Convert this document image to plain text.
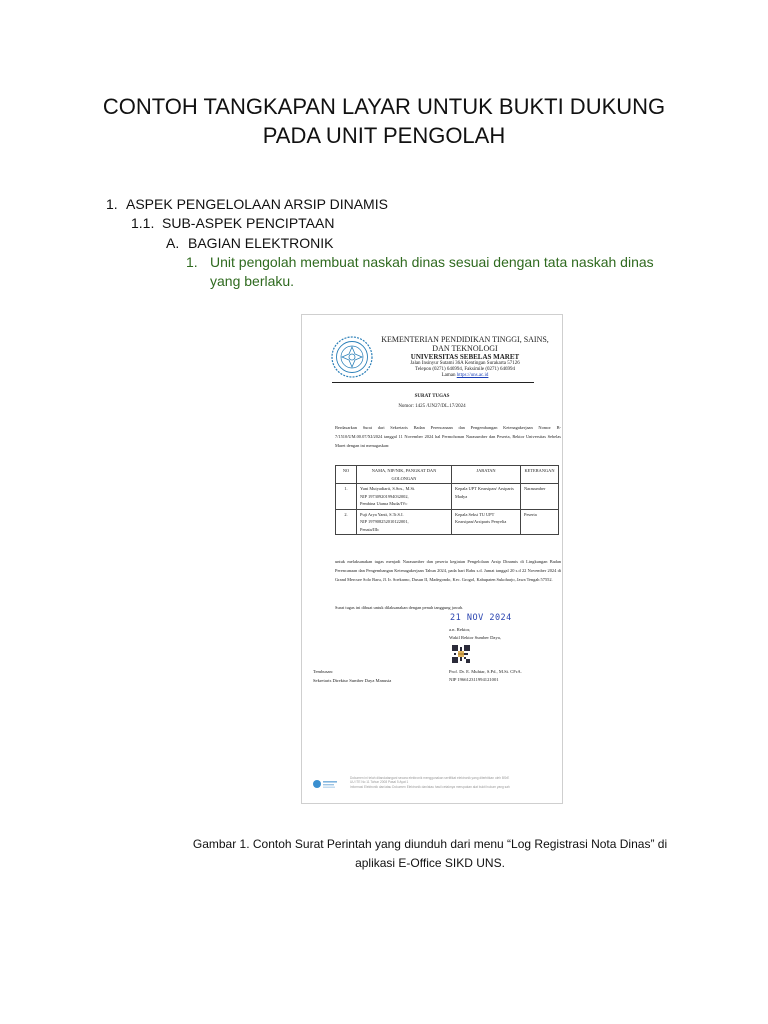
CONTOH TANGKAPAN LAYAR UNTUK BUKTI DUKUNG
PADA UNIT PENGOLAH
1. ASPEK PENGELOLAAN ARSIP DINAMIS
1.1. SUB-ASPEK PENCIPTAAN
A. BAGIAN ELEKTRONIK
1. Unit pengolah membuat naskah dinas sesuai dengan tata naskah dinas yang berlaku.
KEMENTERIAN PENDIDIKAN TINGGI, SAINS,
DAN TEKNOLOGI
UNIVERSITAS SEBELAS MARET
Jalan Insinyur Sutami 36A Kentingan Surakarta 57126
Telepon (0271) 646994, Faksimile (0271) 646994
Laman https://uns.ac.id
SURAT TUGAS
Nomor: 1425 /UN27/DL.17/2024
Berdasarkan Surat dari Sekretaris Badan Perencanaan dan Pengembangan Ketenagakerjaan Nomor B-7/1510/UM.00.07/XI/2024 tanggal 11 November 2024 hal Permohonan Narasumber dan Peserta, Rektor Universitas Sebelas Maret dengan ini menugaskan:
NO	NAMA, NIP/NIK, PANGKAT DAN GOLONGAN	JABATAN	KETERANGAN
1.	Yuni Mutyadiarti, S.Sos., M.Si.
NIP 197309201994032002,
Pembina Utama Muda/IVc	Kepala UPT Kearsipan/ Arsiparis Madya	Narasumber
2.	Puji Arya Yanti, S.Tr.S.I.
NIP 197908252010122001,
Penata/IIIc	Kepala Seksi TU UPT Kearsipan/Arsiparis Penyelia	Peserta
untuk melaksanakan tugas menjadi Narasumber dan peserta kegiatan Pengelolaan Arsip Dinamis di Lingkungan Badan Perencanaan dan Pengembangan Ketenagakerjaan Tahun 2024, pada hari Rabu s.d. Jumat tanggal 20 s.d 22 November 2024 di Grand Mercure Solo Baru, Jl. Ir. Soekarno, Dusun II, Madegondo, Kec. Grogol, Kabupaten Sukoharjo, Jawa Tengah 57552.
Surat tugas ini dibuat untuk dilaksanakan dengan penuh tanggung jawab.
21 NOV 2024
a.n. Rektor,
Wakil Rektor Sumber Daya,
Prof. Dr. E. Muhtar, S.Pd., M.Si. CFrA.
NIP 196612311994121001
Tembusan:
Sekretaris Direktur Sumber Daya Manusia
Dokumen ini telah ditandatangani secara elektronik menggunakan sertifikat elektronik yang diterbitkan oleh BSrE
UU ITE No 11 Tahun 2008 Pasal 5 Ayat 1
Informasi Elektronik dan/atau Dokumen Elektronik dan/atau hasil cetaknya merupakan alat bukti hukum yang sah
Gambar 1. Contoh Surat Perintah yang diunduh dari menu “Log Registrasi Nota Dinas” di
aplikasi E-Office SIKD UNS.
